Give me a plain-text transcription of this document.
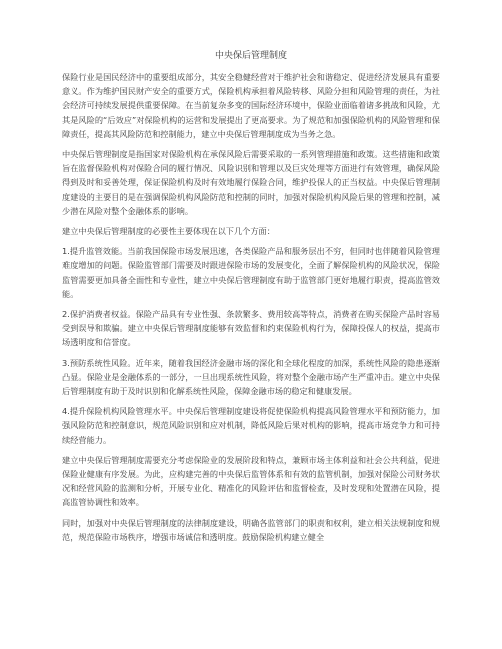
中央保后管理制度

保险行业是国民经济中的重要组成部分，其安全稳健经营对于维护社会和谐稳定、促进经济发展具有重要意义。作为维护国民财产安全的重要方式，保险机构承担着风险转移、风险分担和风险管理的责任，为社会经济可持续发展提供重要保障。在当前复杂多变的国际经济环境中，保险业面临着诸多挑战和风险，尤其是风险的“后效应”对保险机构的运营和发展提出了更高要求。为了规范和加强保险机构的风险管理和保障责任，提高其风险防范和控制能力，建立中央保后管理制度成为当务之急。

中央保后管理制度是指国家对保险机构在承保风险后需要采取的一系列管理措施和政策。这些措施和政策旨在监督保险机构对保险合同的履行情况、风险识别和管理以及巨灾处理等方面进行有效管理，确保风险得到及时和妥善处理，保证保险机构及时有效地履行保险合同，维护投保人的正当权益。中央保后管理制度建设的主要目的是在强调保险机构风险防范和控制的同时，加强对保险机构风险后果的管理和控制，减少潜在风险对整个金融体系的影响。

建立中央保后管理制度的必要性主要体现在以下几个方面：

1.提升监管效能。当前我国保险市场发展迅速，各类保险产品和服务层出不穷，但同时也伴随着风险管理难度增加的问题。保险监管部门需要及时跟进保险市场的发展变化，全面了解保险机构的风险状况，保险监管需要更加具备全面性和专业性，建立中央保后管理制度有助于监管部门更好地履行职责，提高监管效能。

2.保护消费者权益。保险产品具有专业性强、条款繁多、费用较高等特点，消费者在购买保险产品时容易受到误导和欺骗。建立中央保后管理制度能够有效监督和约束保险机构行为，保障投保人的权益，提高市场透明度和信誉度。

3.预防系统性风险。近年来，随着我国经济金融市场的深化和全球化程度的加深，系统性风险的隐患逐渐凸显。保险业是金融体系的一部分，一旦出现系统性风险，将对整个金融市场产生严重冲击。建立中央保后管理制度有助于及时识别和化解系统性风险，保障金融市场的稳定和健康发展。

4.提升保险机构风险管理水平。中央保后管理制度建设将促使保险机构提高风险管理水平和预防能力，加强风险防范和控制意识，规范风险识别和应对机制，降低风险后果对机构的影响，提高市场竞争力和可持续经营能力。

建立中央保后管理制度需要充分考虑保险业的发展阶段和特点，兼顾市场主体利益和社会公共利益，促进保险业健康有序发展。为此，应构建完善的中央保后监管体系和有效的监管机制，加强对保险公司财务状况和经营风险的监测和分析，开展专业化、精准化的风险评估和监督检查，及时发现和处置潜在风险，提高监管协调性和效率。

同时，加强对中央保后管理制度的法律制度建设，明确各监管部门的职责和权利，建立相关法规制度和规范，规范保险市场秩序，增强市场诚信和透明度。鼓励保险机构建立健全
